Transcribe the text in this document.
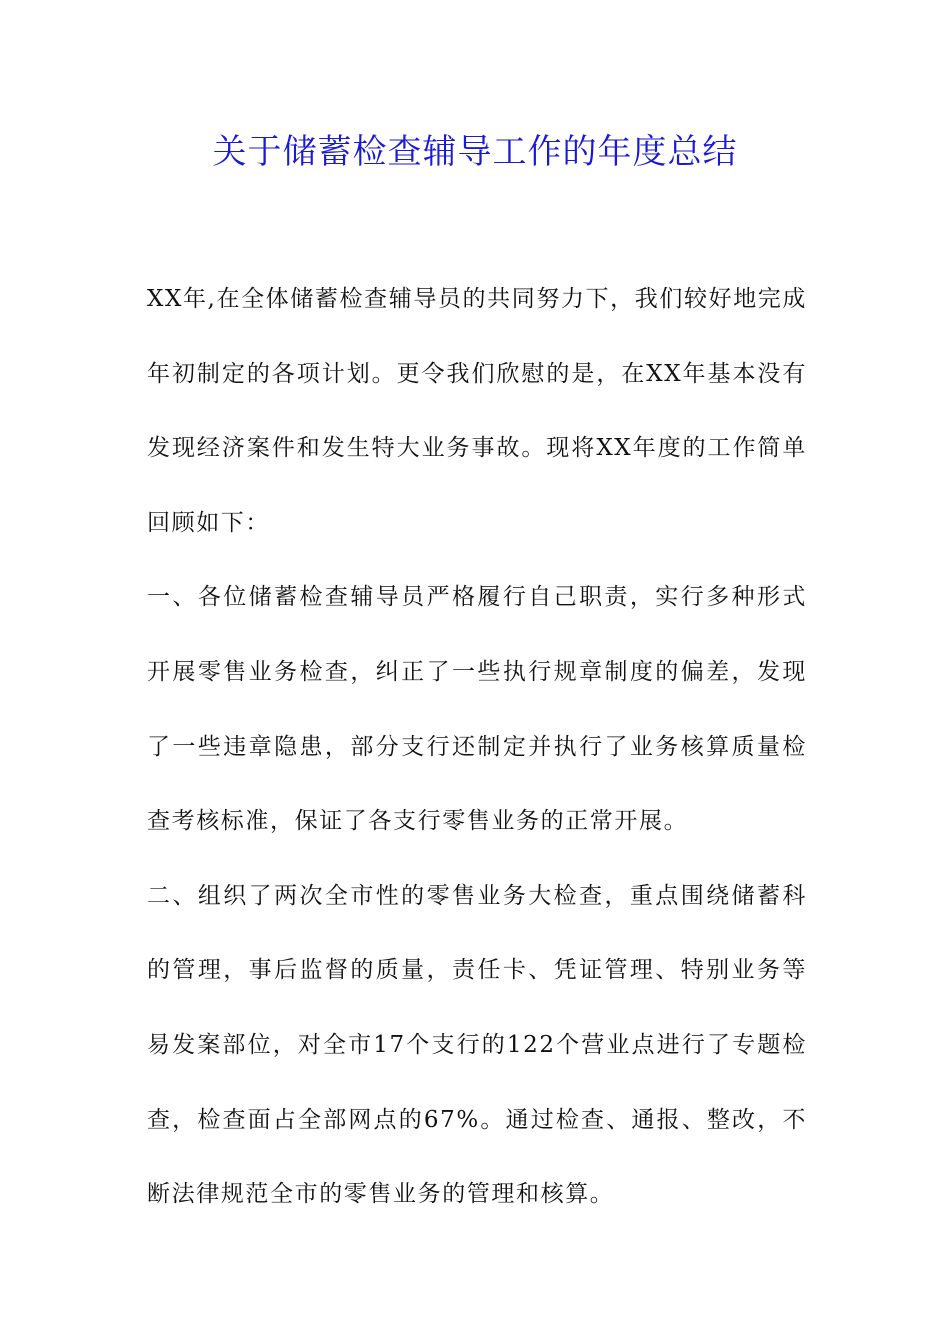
关于储蓄检查辅导工作的年度总结

XX年,在全体储蓄检查辅导员的共同努力下，我们较好地完成年初制定的各项计划。更令我们欣慰的是，在XX年基本没有发现经济案件和发生特大业务事故。现将XX年度的工作简单回顾如下：

一、各位储蓄检查辅导员严格履行自己职责，实行多种形式开展零售业务检查，纠正了一些执行规章制度的偏差，发现了一些违章隐患，部分支行还制定并执行了业务核算质量检查考核标准，保证了各支行零售业务的正常开展。

二、组织了两次全市性的零售业务大检查，重点围绕储蓄科的管理，事后监督的质量，责任卡、凭证管理、特别业务等易发案部位，对全市17个支行的122个营业点进行了专题检查，检查面占全部网点的67%。通过检查、通报、整改，不断法律规范全市的零售业务的管理和核算。
